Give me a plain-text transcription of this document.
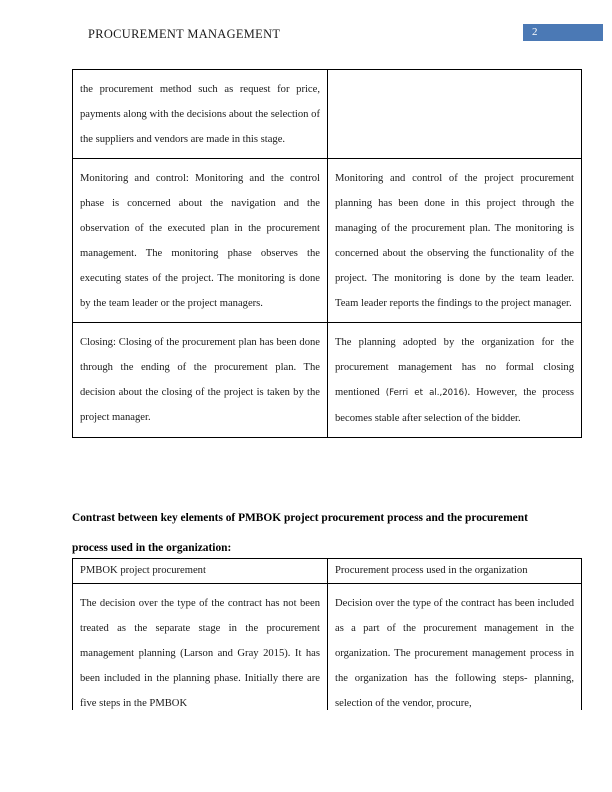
PROCUREMENT MANAGEMENT	2
the procurement method such as request for price, payments along with the decisions about the selection of the suppliers and vendors are made in this stage.	
Monitoring and control: Monitoring and the control phase is concerned about the navigation and the observation of the executed plan in the procurement management. The monitoring phase observes the executing states of the project. The monitoring is done by the team leader or the project managers.	Monitoring and control of the project procurement planning has been done in this project through the managing of the procurement plan. The monitoring is concerned about the observing the functionality of the project. The monitoring is done by the team leader. Team leader reports the findings to the project manager.
Closing: Closing of the procurement plan has been done through the ending of the procurement plan. The decision about the closing of the project is taken by the project manager.	The planning adopted by the organization for the procurement management has no formal closing mentioned (Ferri et al.,2016). However, the process becomes stable after selection of the bidder.
Contrast between key elements of PMBOK project procurement process and the procurement process used in the organization:
PMBOK project procurement	Procurement process used in the organization
The decision over the type of the contract has not been treated as the separate stage in the procurement management planning (Larson and Gray 2015). It has been included in the planning phase. Initially there are five steps in the PMBOK	Decision over the type of the contract has been included as a part of the procurement management in the organization. The procurement management process in the organization has the following steps- planning, selection of the vendor, procure,
